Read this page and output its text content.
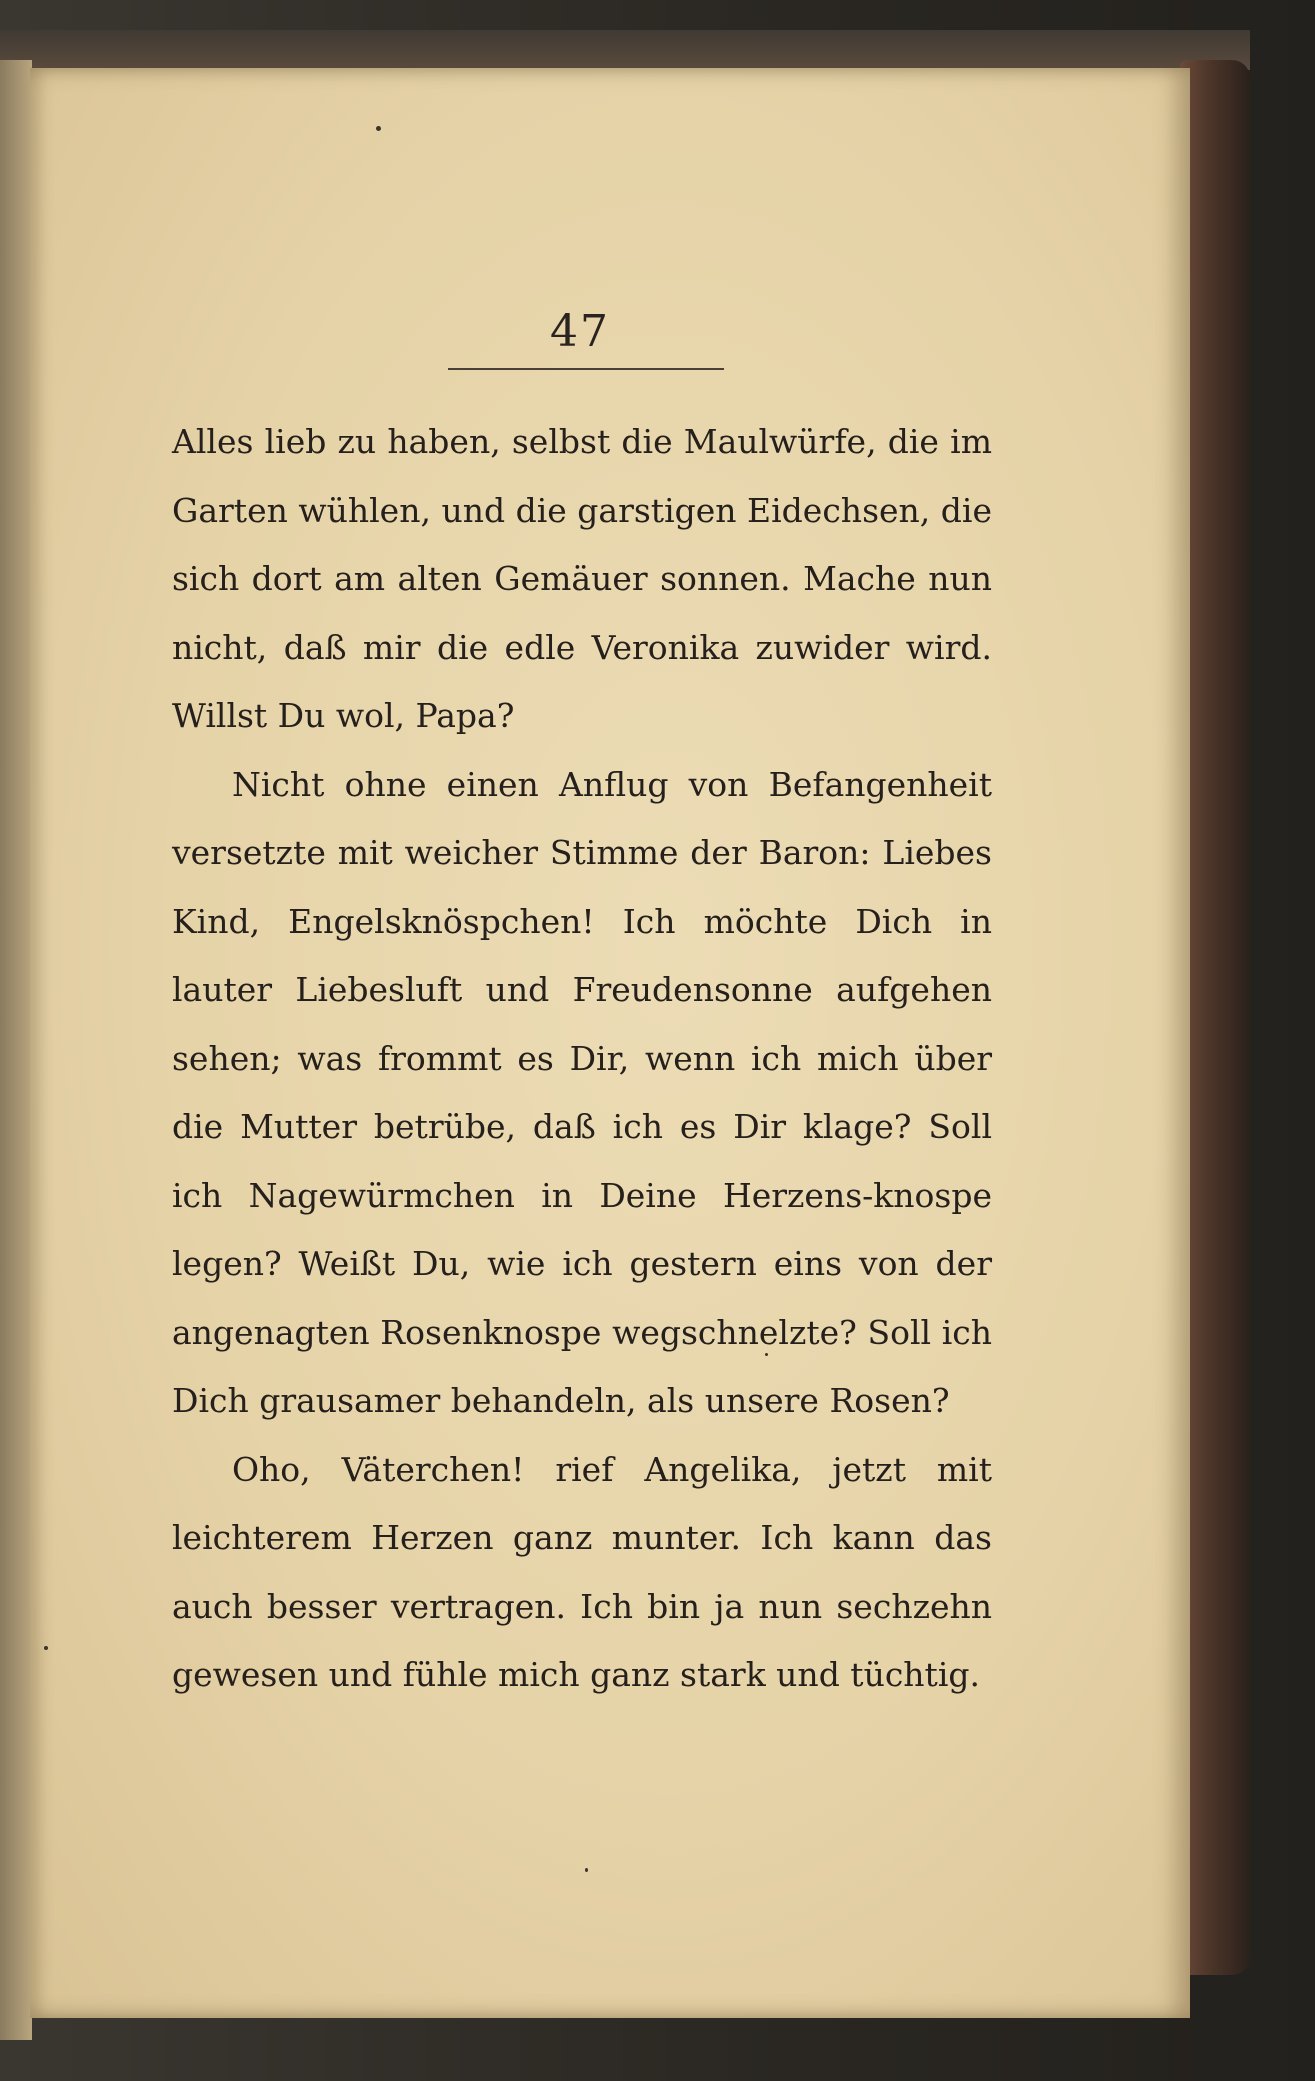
47

Alles lieb zu haben, selbst die Maulwürfe, die im Garten wühlen, und die garstigen Eidechsen, die sich dort am alten Gemäuer sonnen. Mache nun nicht, daß mir die edle Veronika zuwider wird. Willst Du wol, Papa?

Nicht ohne einen Anflug von Befangenheit versetzte mit weicher Stimme der Baron: Liebes Kind, Engelsknöspchen! Ich möchte Dich in lauter Liebesluft und Freudensonne aufgehen sehen; was frommt es Dir, wenn ich mich über die Mutter betrübe, daß ich es Dir klage? Soll ich Nagewürmchen in Deine Herzens-knospe legen? Weißt Du, wie ich gestern eins von der angenagten Rosenknospe wegschnelzte? Soll ich Dich grausamer behandeln, als unsere Rosen?

Oho, Väterchen! rief Angelika, jetzt mit leichterem Herzen ganz munter. Ich kann das auch besser vertragen. Ich bin ja nun sechzehn gewesen und fühle mich ganz stark und tüchtig.
